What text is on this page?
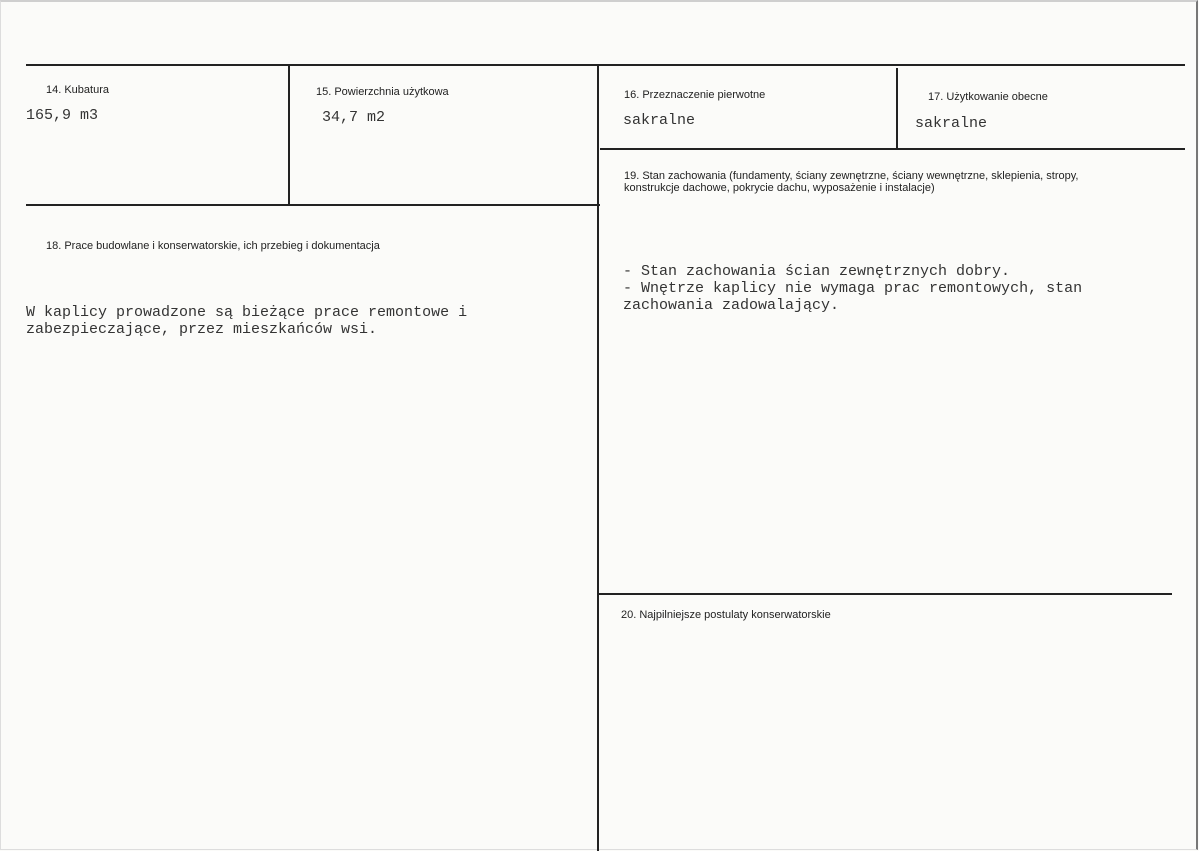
14. Kubatura
165,9 m3
15. Powierzchnia użytkowa
34,7 m2
16. Przeznaczenie pierwotne
sakralne
17. Użytkowanie obecne
sakralne
18. Prace budowlane i konserwatorskie, ich przebieg i dokumentacja
W kaplicy prowadzone są bieżące prace remontowe i
zabezpieczające, przez mieszkańców wsi.
19. Stan zachowania (fundamenty, ściany zewnętrzne, ściany wewnętrzne, sklepienia, stropy,
konstrukcje dachowe, pokrycie dachu, wyposażenie i instalacje)
- Stan zachowania ścian zewnętrznych dobry.
- Wnętrze kaplicy nie wymaga prac remontowych, stan
zachowania zadowalający.
20. Najpilniejsze postulaty konserwatorskie
